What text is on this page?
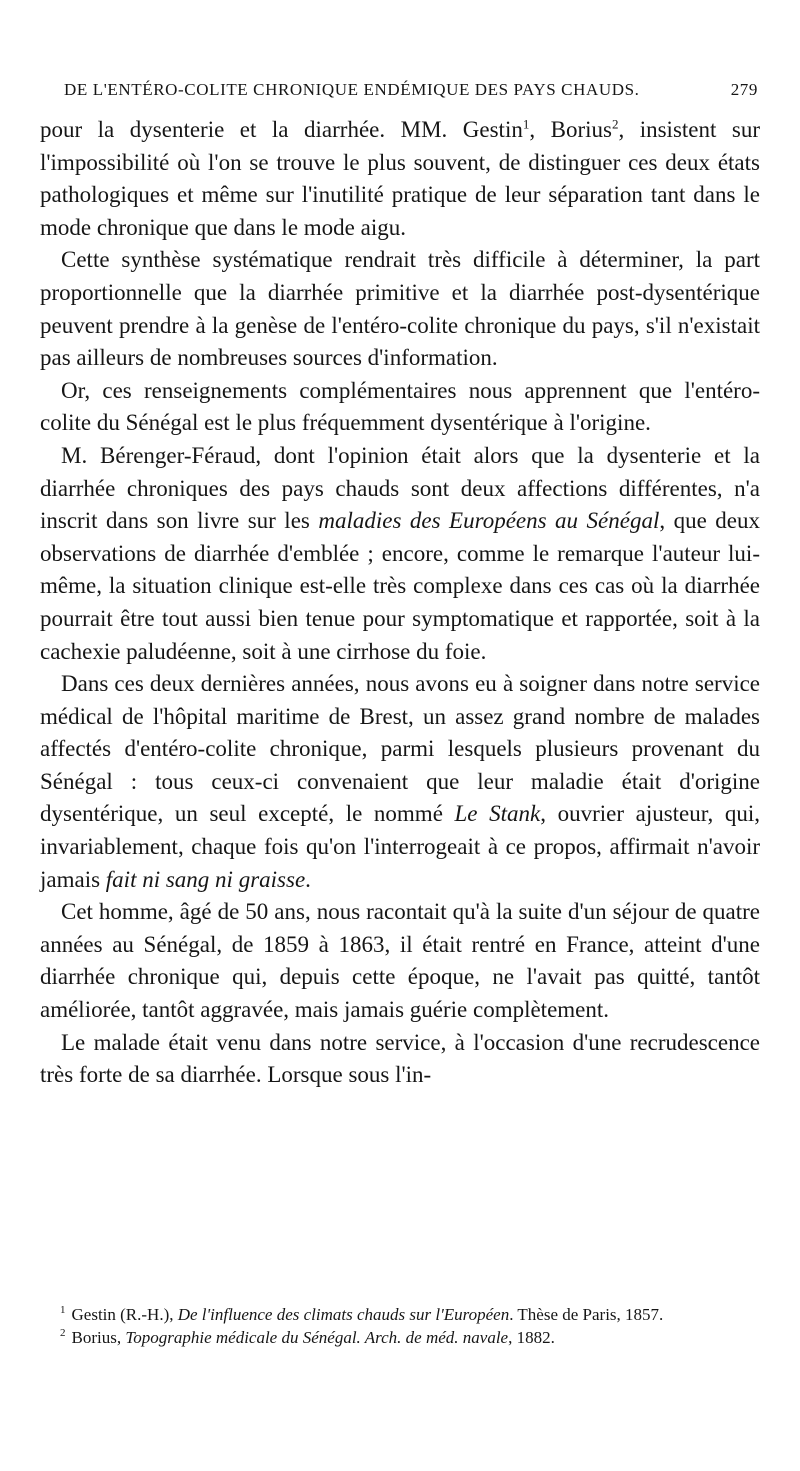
DE L'ENTÉRO-COLITE CHRONIQUE ENDÉMIQUE DES PAYS CHAUDS.	279

pour la dysenterie et la diarrhée. MM. Gestin$^1$, Borius$^2$, insistent sur l'impossibilité où l'on se trouve le plus souvent, de distinguer ces deux états pathologiques et même sur l'inutilité pratique de leur séparation tant dans le mode chronique que dans le mode aigu.

Cette synthèse systématique rendrait très difficile à déterminer, la part proportionnelle que la diarrhée primitive et la diarrhée post-dysentérique peuvent prendre à la genèse de l'entéro-colite chronique du pays, s'il n'existait pas ailleurs de nombreuses sources d'information.

Or, ces renseignements complémentaires nous apprennent que l'entéro-colite du Sénégal est le plus fréquemment dysentérique à l'origine.

M. Bérenger-Féraud, dont l'opinion était alors que la dysenterie et la diarrhée chroniques des pays chauds sont deux affections différentes, n'a inscrit dans son livre sur les maladies des Européens au Sénégal, que deux observations de diarrhée d'emblée ; encore, comme le remarque l'auteur lui-même, la situation clinique est-elle très complexe dans ces cas où la diarrhée pourrait être tout aussi bien tenue pour symptomatique et rapportée, soit à la cachexie paludéenne, soit à une cirrhose du foie.

Dans ces deux dernières années, nous avons eu à soigner dans notre service médical de l'hôpital maritime de Brest, un assez grand nombre de malades affectés d'entéro-colite chronique, parmi lesquels plusieurs provenant du Sénégal : tous ceux-ci convenaient que leur maladie était d'origine dysentérique, un seul excepté, le nommé Le Stank, ouvrier ajusteur, qui, invariablement, chaque fois qu'on l'interrogeait à ce propos, affirmait n'avoir jamais fait ni sang ni graisse.

Cet homme, âgé de 50 ans, nous racontait qu'à la suite d'un séjour de quatre années au Sénégal, de 1859 à 1863, il était rentré en France, atteint d'une diarrhée chronique qui, depuis cette époque, ne l'avait pas quitté, tantôt améliorée, tantôt aggravée, mais jamais guérie complètement.

Le malade était venu dans notre service, à l'occasion d'une recrudescence très forte de sa diarrhée. Lorsque sous l'in-

$^1$ Gestin (R.-H.), De l'influence des climats chauds sur l'Européen. Thèse de Paris, 1857.

$^2$ Borius, Topographie médicale du Sénégal. Arch. de méd. navale, 1882.
